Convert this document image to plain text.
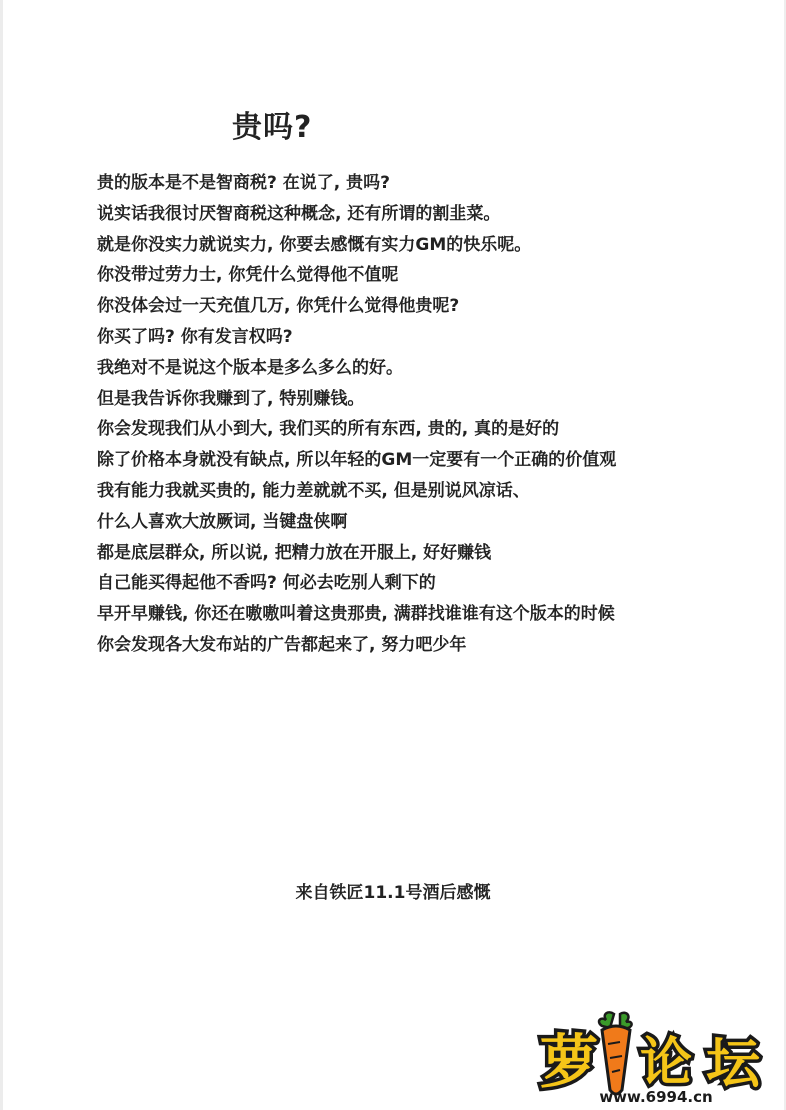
贵吗?
贵的版本是不是智商税? 在说了, 贵吗?
说实话我很讨厌智商税这种概念, 还有所谓的割韭菜。
就是你没实力就说实力, 你要去感慨有实力GM的快乐呢。
你没带过劳力士, 你凭什么觉得他不值呢
你没体会过一天充值几万, 你凭什么觉得他贵呢?
你买了吗? 你有发言权吗?
我绝对不是说这个版本是多么多么的好。
但是我告诉你我赚到了, 特别赚钱。
你会发现我们从小到大, 我们买的所有东西, 贵的, 真的是好的
除了价格本身就没有缺点, 所以年轻的GM一定要有一个正确的价值观
我有能力我就买贵的, 能力差就就不买, 但是别说风凉话、
什么人喜欢大放厥词, 当键盘侠啊
都是底层群众, 所以说, 把精力放在开服上, 好好赚钱
自己能买得起他不香吗? 何必去吃别人剩下的
早开早赚钱, 你还在嗷嗷叫着这贵那贵, 满群找谁谁有这个版本的时候
你会发现各大发布站的广告都起来了, 努力吧少年
来自铁匠11.1号酒后感慨
萝 论 坛
www.6994.cn
